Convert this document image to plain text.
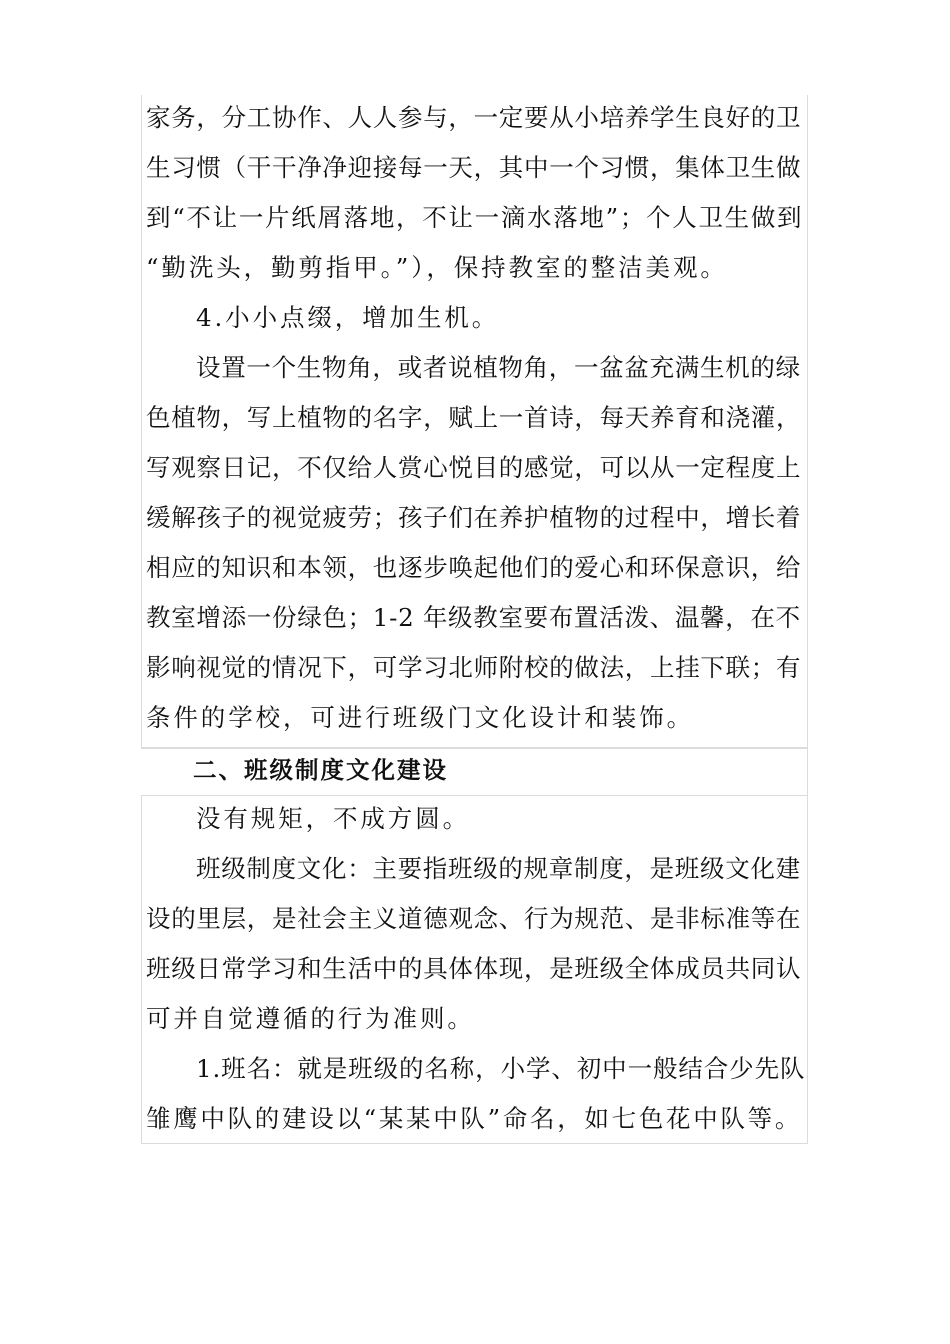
家务，分工协作、人人参与，一定要从小培养学生良好的卫
生习惯（干干净净迎接每一天，其中一个习惯，集体卫生做
到“不让一片纸屑落地，不让一滴水落地”；个人卫生做到
“勤洗头，勤剪指甲。”），保持教室的整洁美观。
4.小小点缀，增加生机。
设置一个生物角，或者说植物角，一盆盆充满生机的绿
色植物，写上植物的名字，赋上一首诗，每天养育和浇灌，
写观察日记，不仅给人赏心悦目的感觉，可以从一定程度上
缓解孩子的视觉疲劳；孩子们在养护植物的过程中，增长着
相应的知识和本领，也逐步唤起他们的爱心和环保意识，给
教室增添一份绿色；1-2 年级教室要布置活泼、温馨，在不
影响视觉的情况下，可学习北师附校的做法，上挂下联；有
条件的学校，可进行班级门文化设计和装饰。
二、班级制度文化建设
没有规矩，不成方圆。
班级制度文化：主要指班级的规章制度，是班级文化建
设的里层，是社会主义道德观念、行为规范、是非标准等在
班级日常学习和生活中的具体体现，是班级全体成员共同认
可并自觉遵循的行为准则。
1.班名：就是班级的名称，小学、初中一般结合少先队
雏鹰中队的建设以“某某中队”命名，如七色花中队等。
